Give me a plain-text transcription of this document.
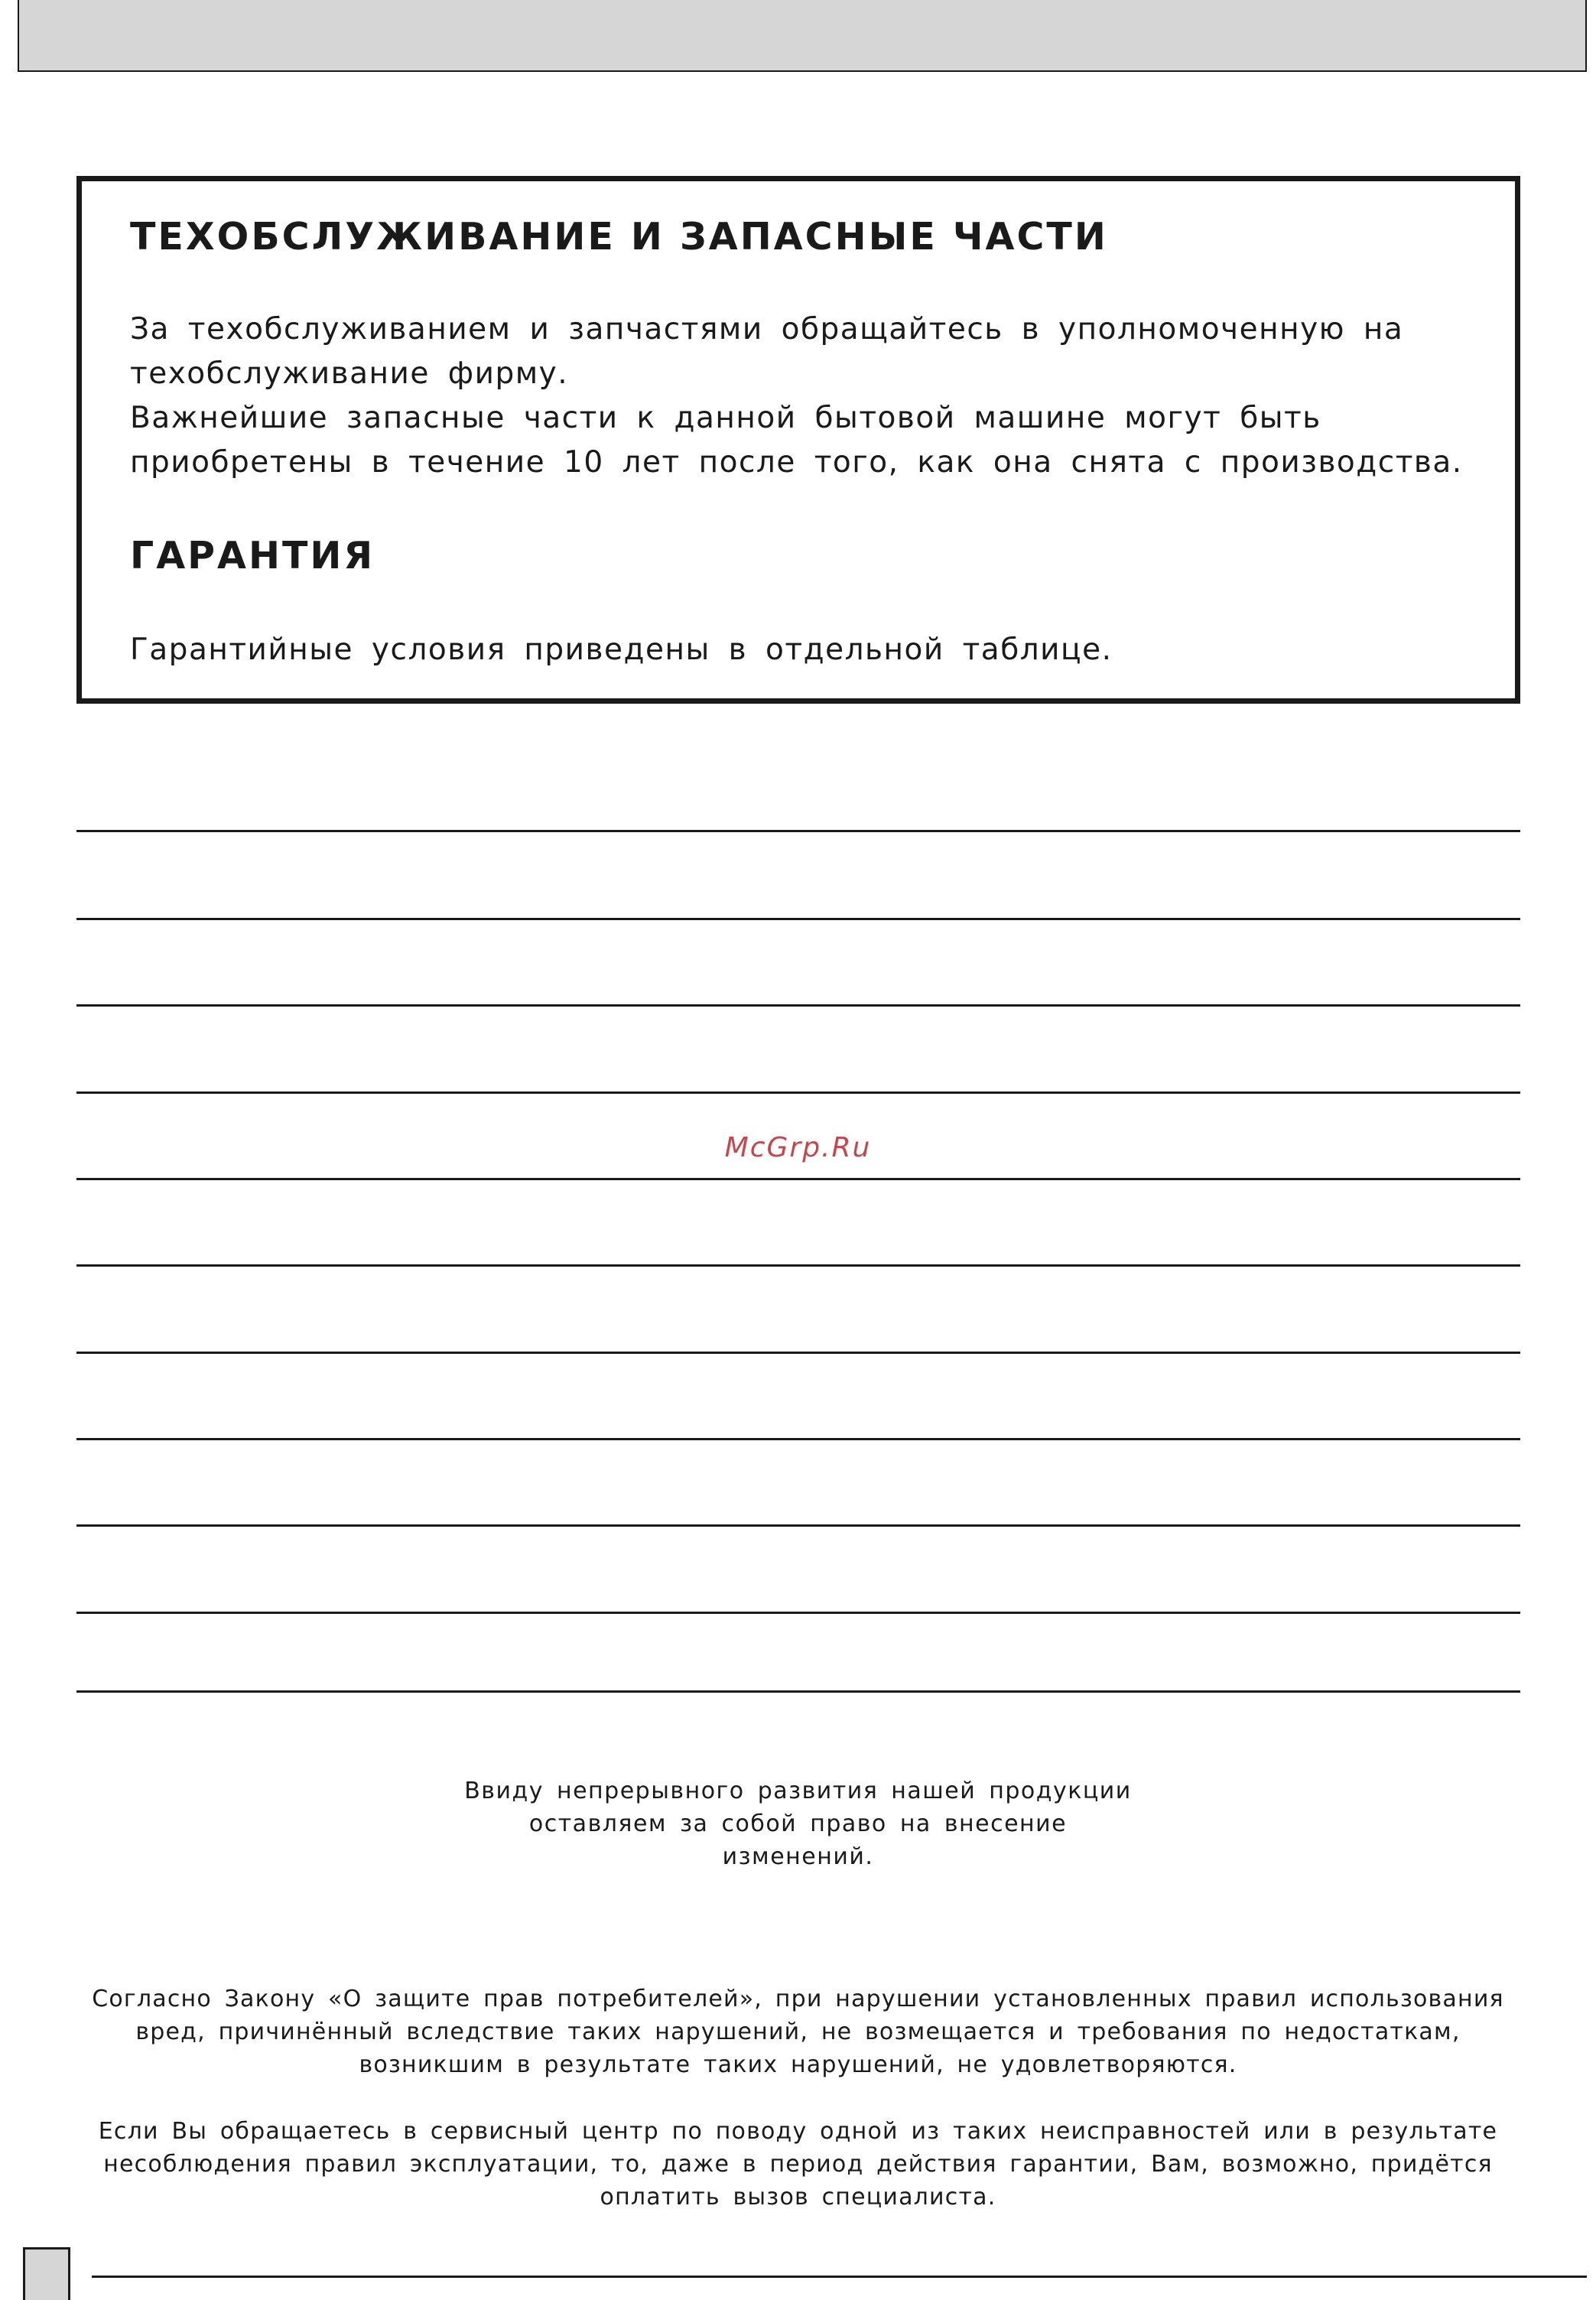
ТЕХОБСЛУЖИВАНИЕ И ЗАПАСНЫЕ ЧАСТИ

За техобслуживанием и запчастями обращайтесь в уполномоченную на
техобслуживание фирму.
Важнейшие запасные части к данной бытовой машине могут быть
приобретены в течение 10 лет после того, как она снята с производства.

ГАРАНТИЯ

Гарантийные условия приведены в отдельной таблице.

McGrp.Ru

Ввиду непрерывного развития нашей продукции
оставляем за собой право на внесение
изменений.

Согласно Закону «О защите прав потребителей», при нарушении установленных правил использования
вред, причинённый вследствие таких нарушений, не возмещается и требования по недостаткам,
возникшим в результате таких нарушений, не удовлетворяются.

Если Вы обращаетесь в сервисный центр по поводу одной из таких неисправностей или в результате
несоблюдения правил эксплуатации, то, даже в период действия гарантии, Вам, возможно, придётся
оплатить вызов специалиста.
